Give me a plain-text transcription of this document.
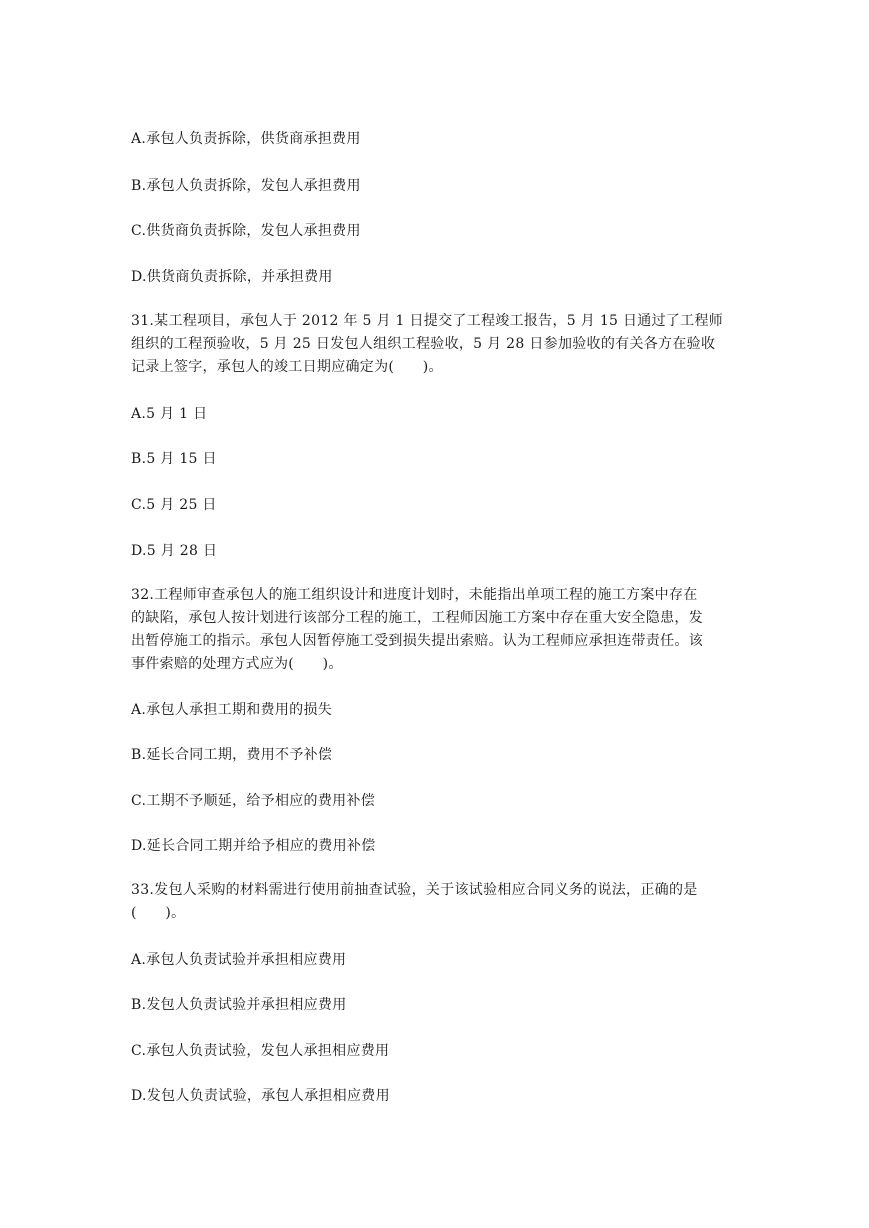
A.承包人负责拆除，供货商承担费用

B.承包人负责拆除，发包人承担费用

C.供货商负责拆除，发包人承担费用

D.供货商负责拆除，并承担费用

31.某工程项目，承包人于 2012 年 5 月 1 日提交了工程竣工报告，5 月 15 日通过了工程师
组织的工程预验收，5 月 25 日发包人组织工程验收，5 月 28 日参加验收的有关各方在验收
记录上签字，承包人的竣工日期应确定为(　　)。

A.5 月 1 日

B.5 月 15 日

C.5 月 25 日

D.5 月 28 日

32.工程师审查承包人的施工组织设计和进度计划时，未能指出单项工程的施工方案中存在
的缺陷，承包人按计划进行该部分工程的施工，工程师因施工方案中存在重大安全隐患，发
出暂停施工的指示。承包人因暂停施工受到损失提出索赔。认为工程师应承担连带责任。该
事件索赔的处理方式应为(　　)。

A.承包人承担工期和费用的损失

B.延长合同工期，费用不予补偿

C.工期不予顺延，给予相应的费用补偿

D.延长合同工期并给予相应的费用补偿

33.发包人采购的材料需进行使用前抽查试验，关于该试验相应合同义务的说法，正确的是
(　　)。

A.承包人负责试验并承担相应费用

B.发包人负责试验并承担相应费用

C.承包人负责试验，发包人承担相应费用

D.发包人负责试验，承包人承担相应费用
